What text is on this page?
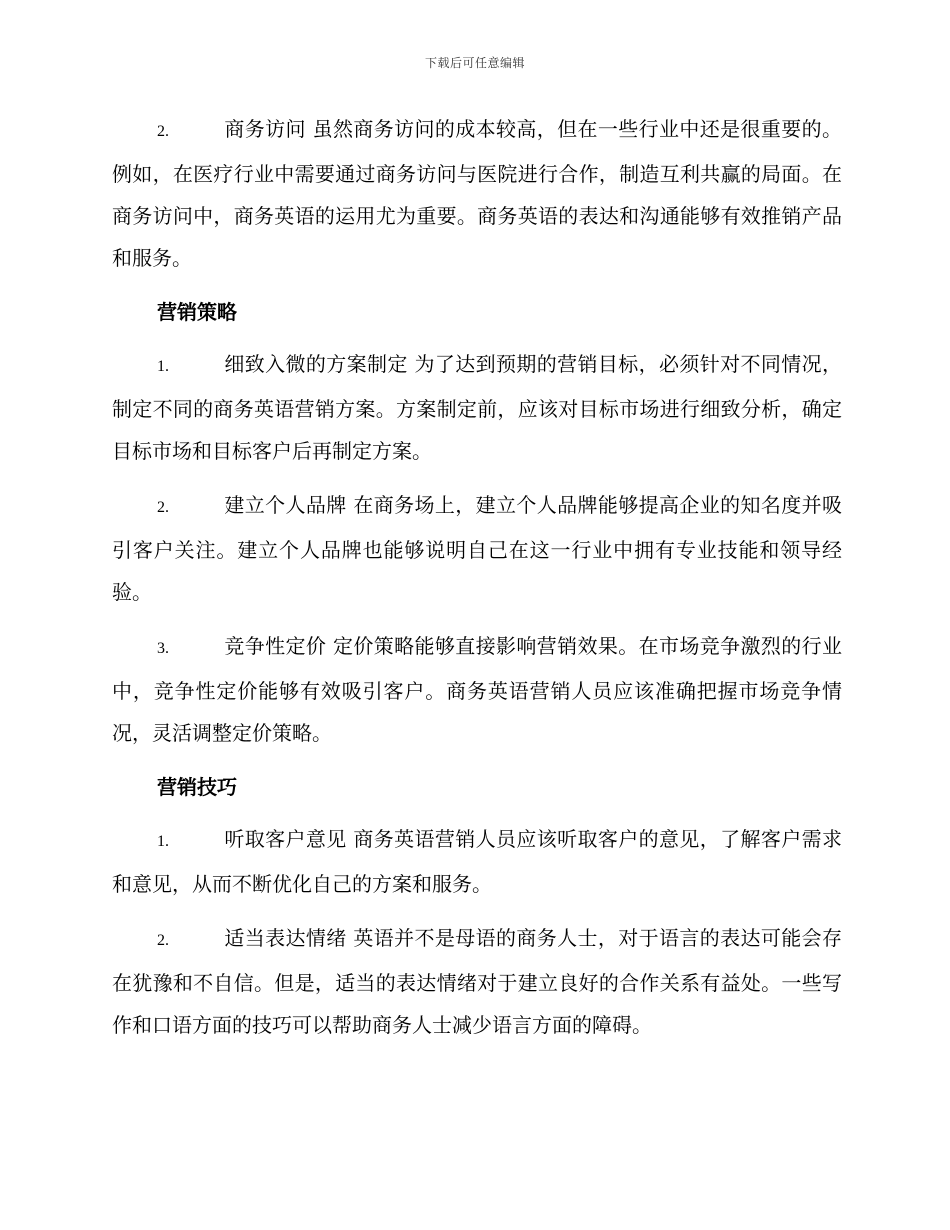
下载后可任意编辑

2.	商务访问 虽然商务访问的成本较高，但在一些行业中还是很重要的。例如，在医疗行业中需要通过商务访问与医院进行合作，制造互利共赢的局面。在商务访问中，商务英语的运用尤为重要。商务英语的表达和沟通能够有效推销产品和服务。

营销策略

1.	细致入微的方案制定 为了达到预期的营销目标，必须针对不同情况，制定不同的商务英语营销方案。方案制定前，应该对目标市场进行细致分析，确定目标市场和目标客户后再制定方案。

2.	建立个人品牌 在商务场上，建立个人品牌能够提高企业的知名度并吸引客户关注。建立个人品牌也能够说明自己在这一行业中拥有专业技能和领导经验。

3.	竞争性定价 定价策略能够直接影响营销效果。在市场竞争激烈的行业中，竞争性定价能够有效吸引客户。商务英语营销人员应该准确把握市场竞争情况，灵活调整定价策略。

营销技巧

1.	听取客户意见 商务英语营销人员应该听取客户的意见，了解客户需求和意见，从而不断优化自己的方案和服务。

2.	适当表达情绪 英语并不是母语的商务人士，对于语言的表达可能会存在犹豫和不自信。但是，适当的表达情绪对于建立良好的合作关系有益处。一些写作和口语方面的技巧可以帮助商务人士减少语言方面的障碍。
